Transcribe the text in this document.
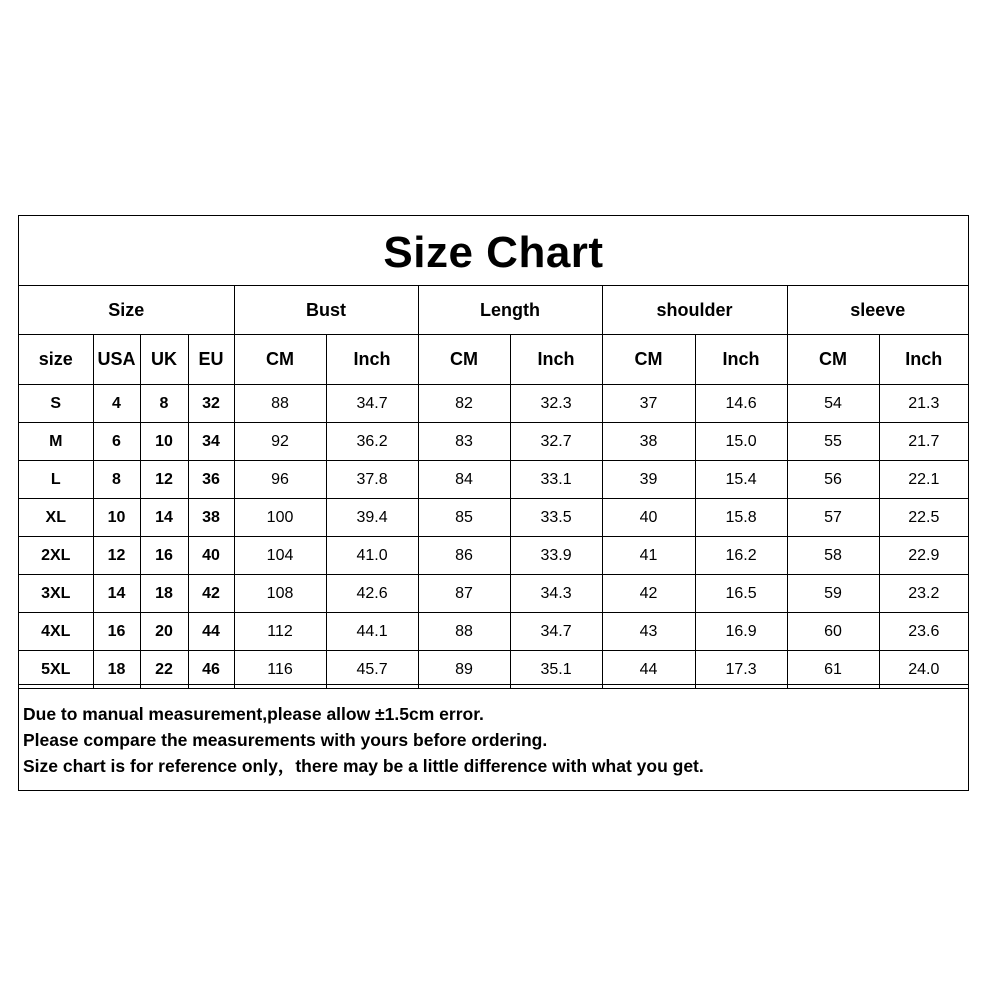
Size Chart
Size				Bust		Length		shoulder		sleeve	
size	USA	UK	EU	CM	Inch	CM	Inch	CM	Inch	CM	Inch
S	4	8	32	88	34.7	82	32.3	37	14.6	54	21.3
M	6	10	34	92	36.2	83	32.7	38	15.0	55	21.7
L	8	12	36	96	37.8	84	33.1	39	15.4	56	22.1
XL	10	14	38	100	39.4	85	33.5	40	15.8	57	22.5
2XL	12	16	40	104	41.0	86	33.9	41	16.2	58	22.9
3XL	14	18	42	108	42.6	87	34.3	42	16.5	59	23.2
4XL	16	20	44	112	44.1	88	34.7	43	16.9	60	23.6
5XL	18	22	46	116	45.7	89	35.1	44	17.3	61	24.0
Due to manual measurement,please allow ±1.5cm error.
Please compare the measurements with yours before ordering.
Size chart is for reference only，there may be a little difference with what you get.
